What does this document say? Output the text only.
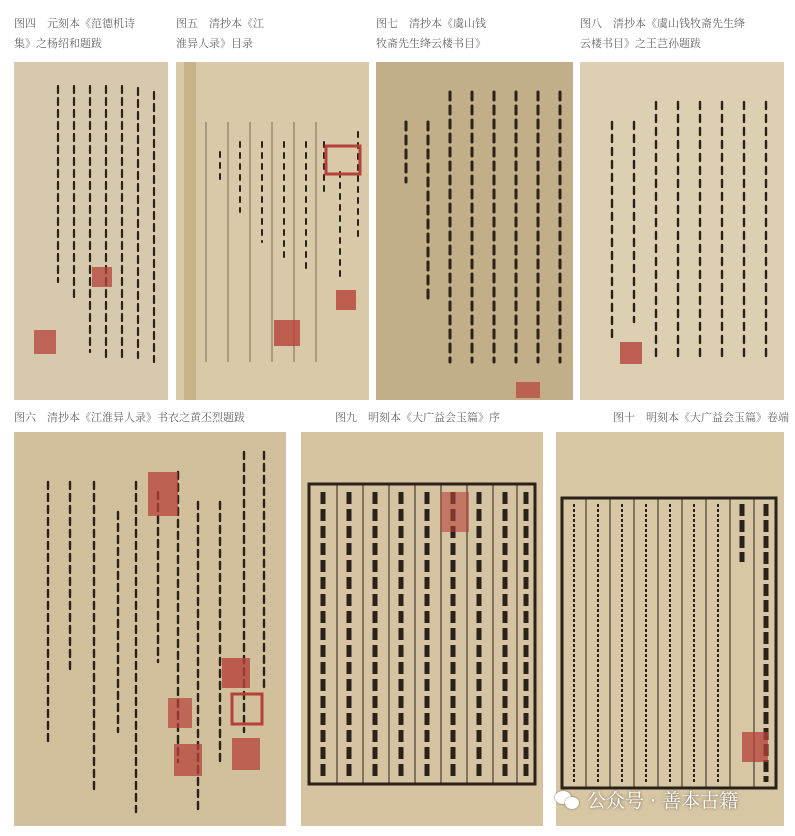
图四　元刻本《范德机诗
集》之杨绍和题跋
图五　清抄本《江
淮异人录》目录
图七　清抄本《虞山钱
牧斋先生绛云楼书目》
图八　清抄本《虞山钱牧斋先生绛
云楼书目》之王芑孙题跋
图六　清抄本《江淮异人录》书衣之黄丕烈题跋	图九　明刻本《大广益会玉篇》序	图十　明刻本《大广益会玉篇》卷端
公众号 · 善本古籍
